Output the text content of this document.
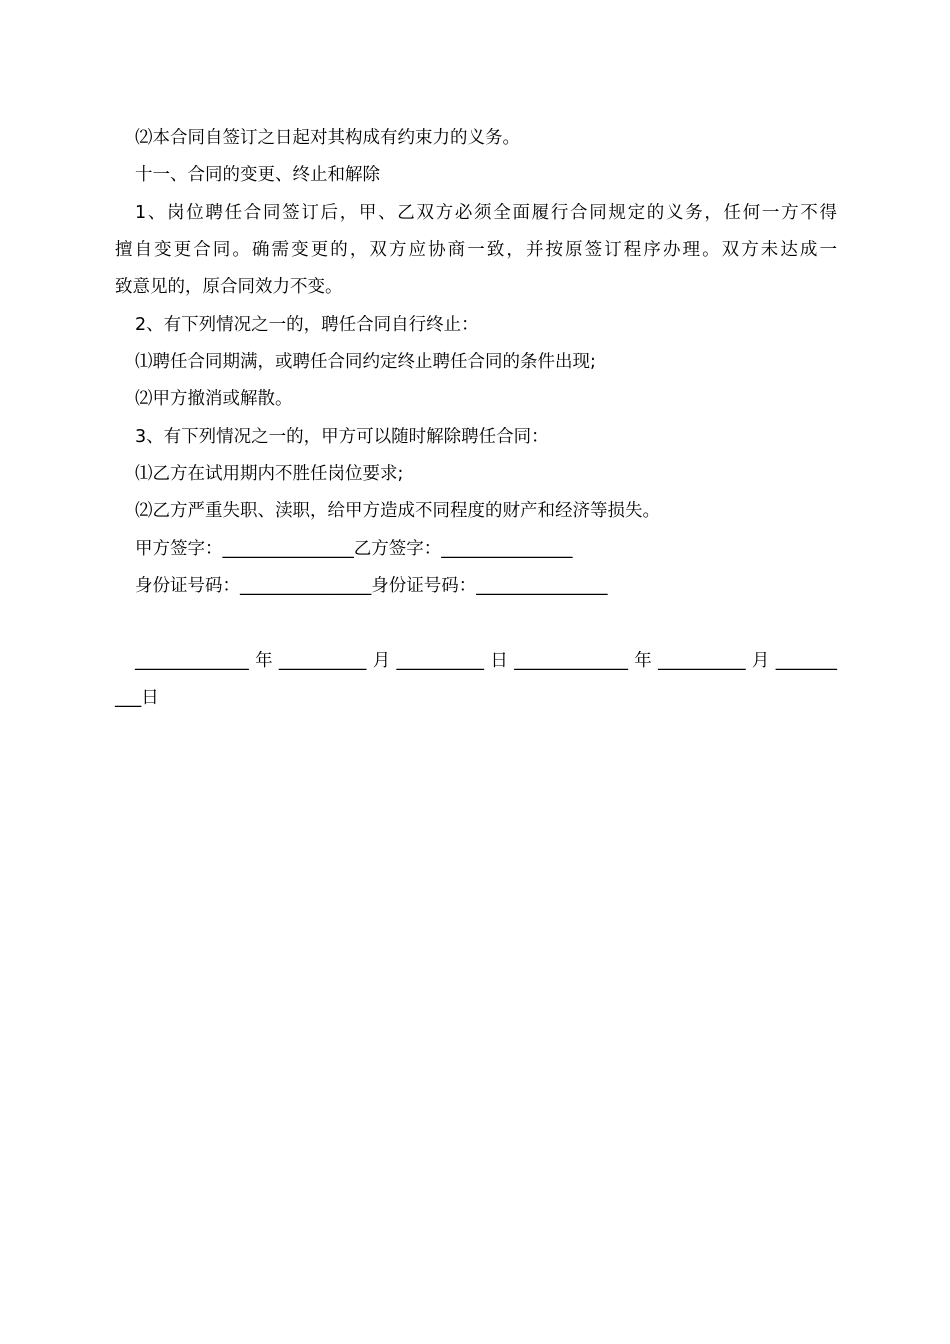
⑵本合同自签订之日起对其构成有约束力的义务。
十一、合同的变更、终止和解除
1、岗位聘任合同签订后，甲、乙双方必须全面履行合同规定的义务，任何一方不得
擅自变更合同。确需变更的，双方应协商一致，并按原签订程序办理。双方未达成一
致意见的，原合同效力不变。
2、有下列情况之一的，聘任合同自行终止：
⑴聘任合同期满，或聘任合同约定终止聘任合同的条件出现;
⑵甲方撤消或解散。
3、有下列情况之一的，甲方可以随时解除聘任合同：
⑴乙方在试用期内不胜任岗位要求;
⑵乙方严重失职、渎职，给甲方造成不同程度的财产和经济等损失。
甲方签字：_______________乙方签字：_______________
身份证号码：_______________身份证号码：_______________
_____________年__________月__________日_____________年__________月_______
___日
